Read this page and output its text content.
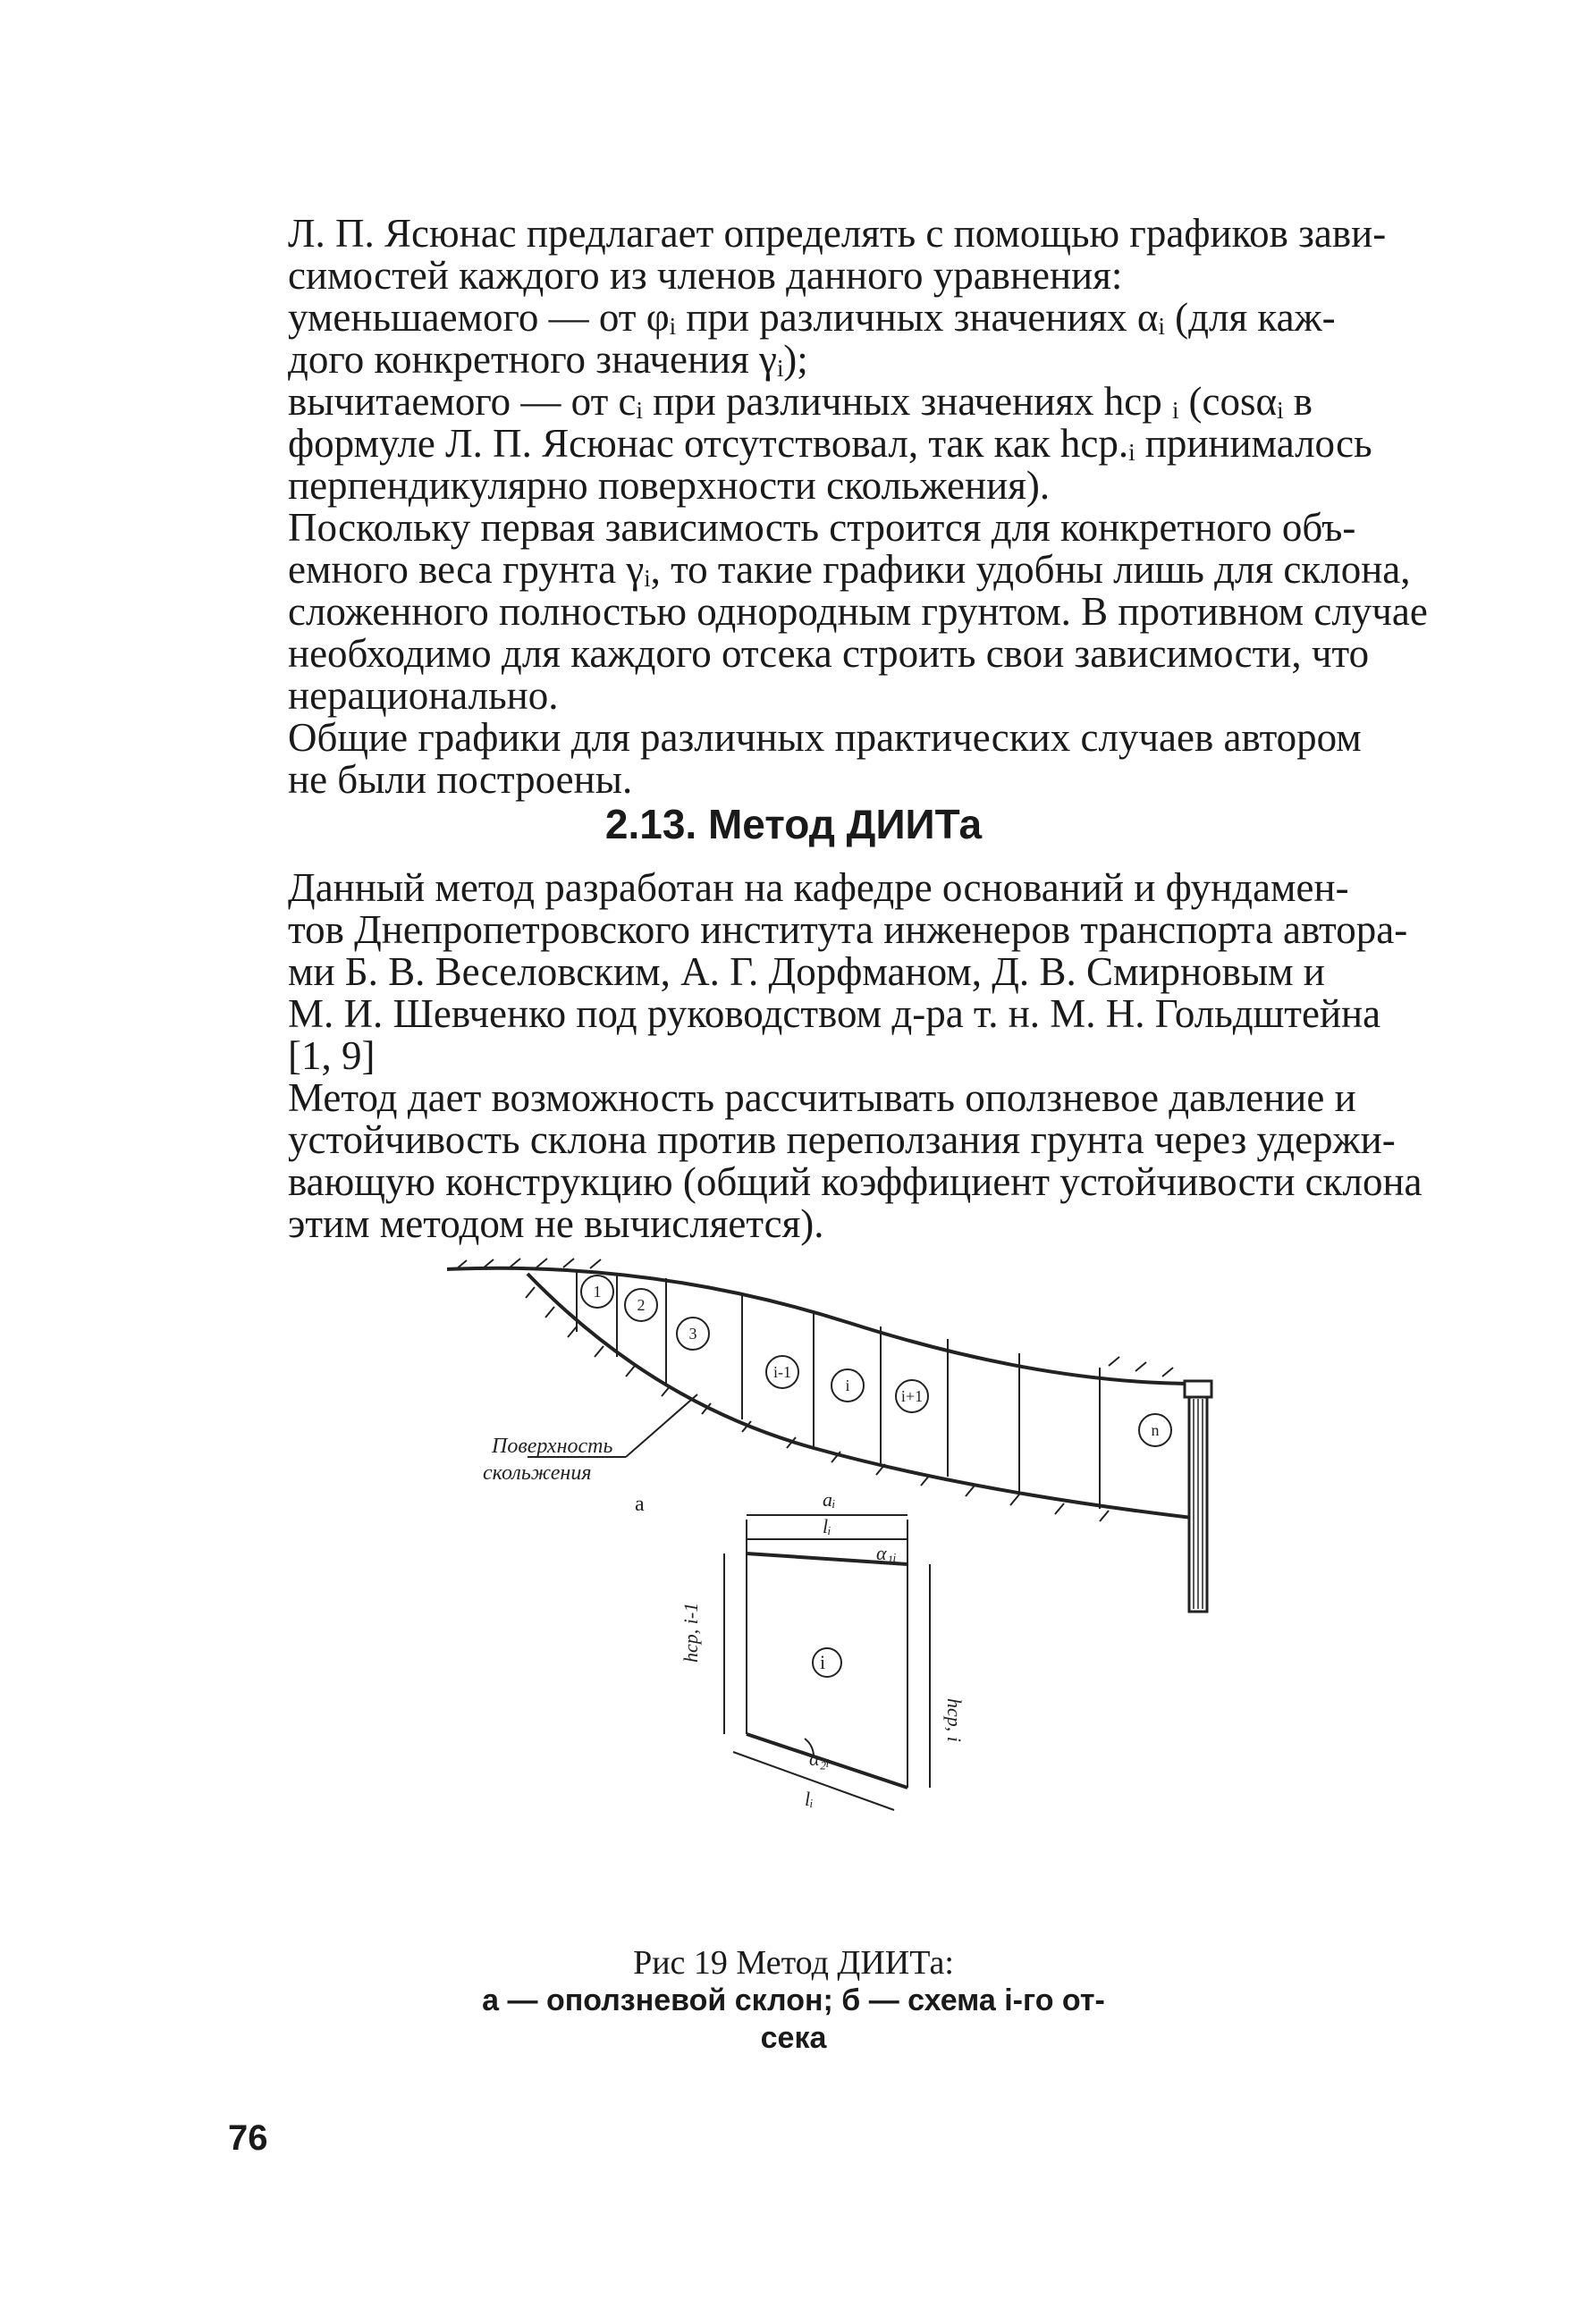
Л. П. Ясюнас предлагает определять с помощью графиков зави-
симостей каждого из членов данного уравнения:

уменьшаемого — от φᵢ при различных значениях αᵢ (для каж-
дого конкретного значения γᵢ);

вычитаемого — от cᵢ при различных значениях hср ᵢ (cosαᵢ в
формуле Л. П. Ясюнас отсутствовал, так как hср.ᵢ принималось
перпендикулярно поверхности скольжения).

Поскольку первая зависимость строится для конкретного объ-
емного веса грунта γᵢ, то такие графики удобны лишь для склона,
сложенного полностью однородным грунтом. В противном случае
необходимо для каждого отсека строить свои зависимости, что
нерационально.

Общие графики для различных практических случаев автором
не были построены.

2.13. Метод ДИИТа

Данный метод разработан на кафедре оснований и фундамен-
тов Днепропетровского института инженеров транспорта автора-
ми Б. В. Веселовским, А. Г. Дорфманом, Д. В. Смирновым и
М. И. Шевченко под руководством д-ра т. н. М. Н. Гольдштейна
[1, 9]

Метод дает возможность рассчитывать оползневое давление и
устойчивость склона против переползания грунта через удержи-
вающую конструкцию (общий коэффициент устойчивости склона
этим методом не вычисляется).

1
2
3
i-1
i
i+1
n
Поверхность
скольжения
а	aᵢ
lᵢ
α₁ᵢ
i
hср, i-1
hср, i
α₂ᵢ
lᵢ
Рис 19 Метод ДИИТа:
а — оползневой склон; б — схема i-го от-
сека
76
